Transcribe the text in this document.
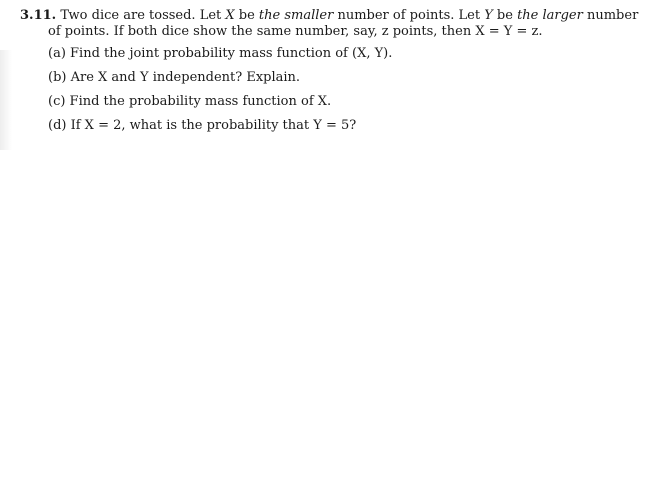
3.11. Two dice are tossed. Let X be the smaller number of points. Let Y be the larger number
of points. If both dice show the same number, say, z points, then X = Y = z.
(a) Find the joint probability mass function of (X, Y).
(b) Are X and Y independent? Explain.
(c) Find the probability mass function of X.
(d) If X = 2, what is the probability that Y = 5?
